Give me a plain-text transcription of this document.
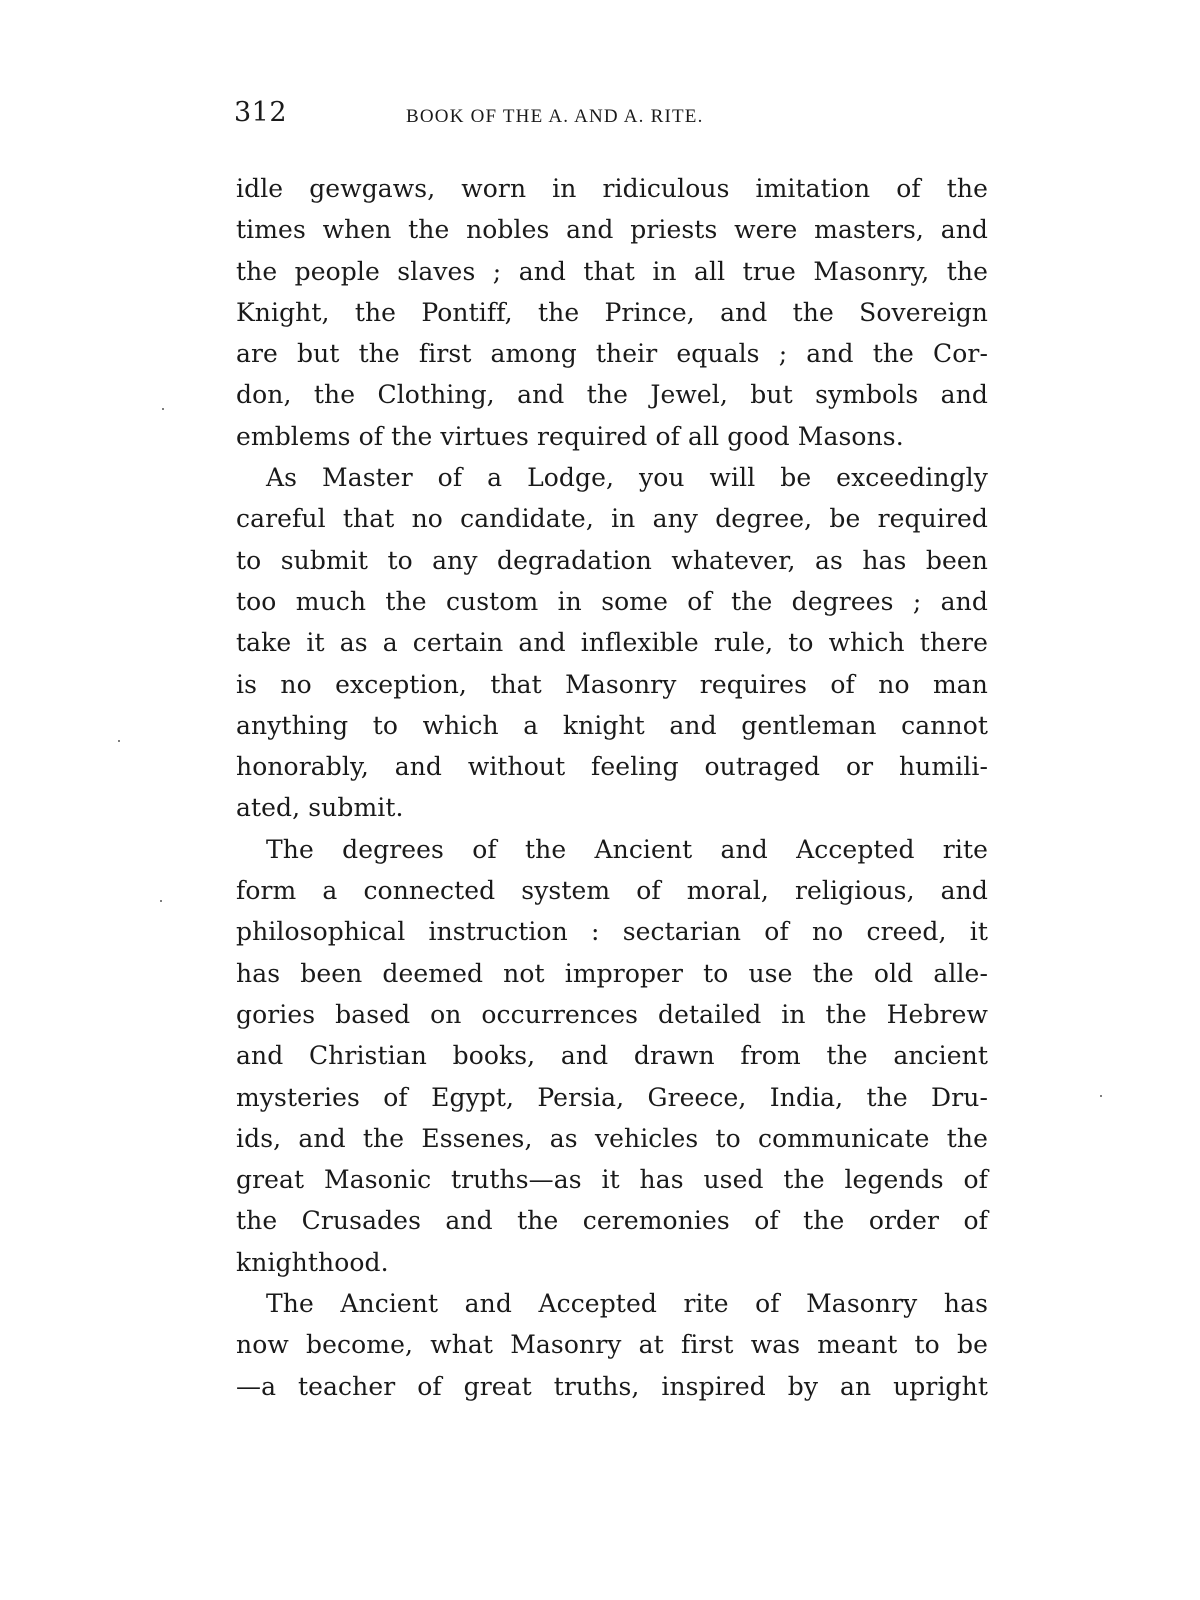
312	BOOK OF THE A. AND A. RITE.
idle gewgaws, worn in ridiculous imitation of the
times when the nobles and priests were masters, and
the people slaves ; and that in all true Masonry, the
Knight, the Pontiff, the Prince, and the Sovereign
are but the first among their equals ; and the Cor-
don, the Clothing, and the Jewel, but symbols and
emblems of the virtues required of all good Masons.
As Master of a Lodge, you will be exceedingly
careful that no candidate, in any degree, be required
to submit to any degradation whatever, as has been
too much the custom in some of the degrees ; and
take it as a certain and inflexible rule, to which there
is no exception, that Masonry requires of no man
anything to which a knight and gentleman cannot
honorably, and without feeling outraged or humili-
ated, submit.
The degrees of the Ancient and Accepted rite
form a connected system of moral, religious, and
philosophical instruction : sectarian of no creed, it
has been deemed not improper to use the old alle-
gories based on occurrences detailed in the Hebrew
and Christian books, and drawn from the ancient
mysteries of Egypt, Persia, Greece, India, the Dru-
ids, and the Essenes, as vehicles to communicate the
great Masonic truths—as it has used the legends of
the Crusades and the ceremonies of the order of
knighthood.
The Ancient and Accepted rite of Masonry has
now become, what Masonry at first was meant to be
—a teacher of great truths, inspired by an upright
